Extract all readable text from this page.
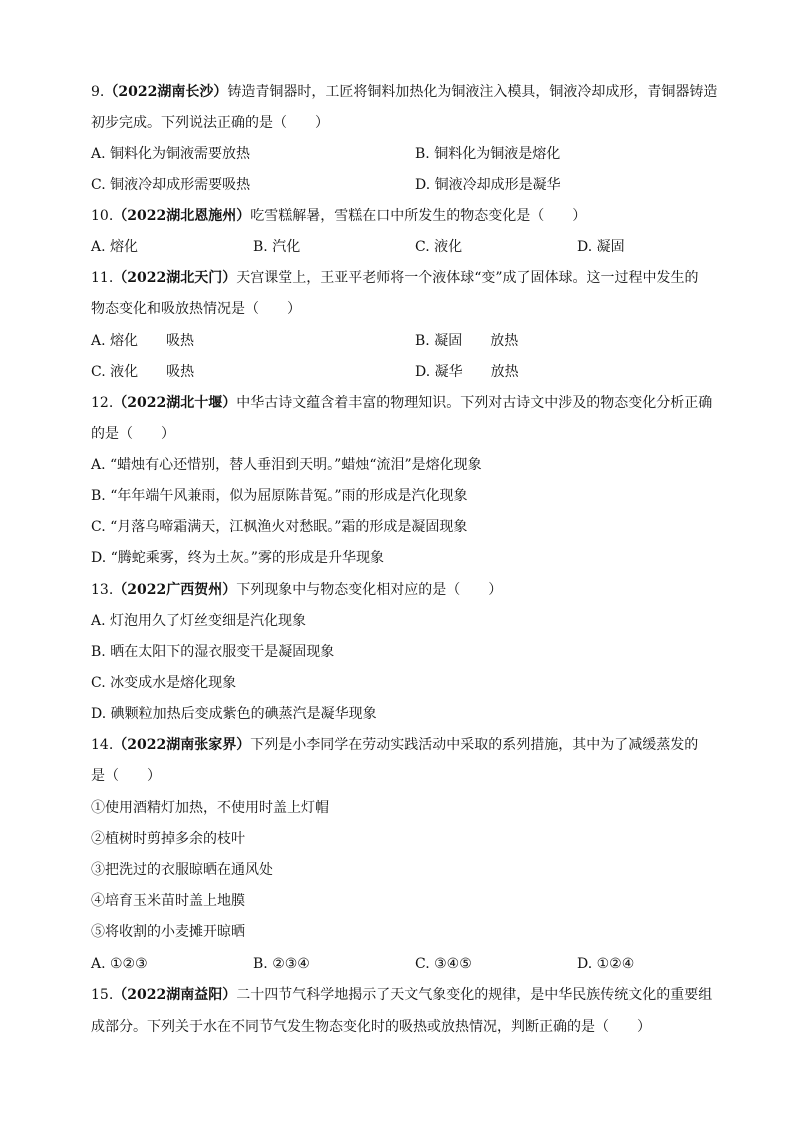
9.（2022湖南长沙）铸造青铜器时，工匠将铜料加热化为铜液注入模具，铜液冷却成形，青铜器铸造
初步完成。下列说法正确的是（　　）
A. 铜料化为铜液需要放热	B. 铜料化为铜液是熔化
C. 铜液冷却成形需要吸热	D. 铜液冷却成形是凝华
10.（2022湖北恩施州）吃雪糕解暑，雪糕在口中所发生的物态变化是（　　）
A. 熔化	B. 汽化	C. 液化	D. 凝固
11.（2022湖北天门）天宫课堂上，王亚平老师将一个液体球“变”成了固体球。这一过程中发生的
物态变化和吸放热情况是（　　）
A. 熔化　　吸热	B. 凝固　　放热
C. 液化　　吸热	D. 凝华　　放热
12.（2022湖北十堰）中华古诗文蕴含着丰富的物理知识。下列对古诗文中涉及的物态变化分析正确
的是（　　）
A. “蜡烛有心还惜别，替人垂泪到天明。”蜡烛“流泪”是熔化现象
B. “年年端午风兼雨，似为屈原陈昔冤。”雨的形成是汽化现象
C. “月落乌啼霜满天，江枫渔火对愁眠。”霜的形成是凝固现象
D. “腾蛇乘雾，终为土灰。”雾的形成是升华现象
13.（2022广西贺州）下列现象中与物态变化相对应的是（　　）
A. 灯泡用久了灯丝变细是汽化现象
B. 晒在太阳下的湿衣服变干是凝固现象
C. 冰变成水是熔化现象
D. 碘颗粒加热后变成紫色的碘蒸汽是凝华现象
14.（2022湖南张家界）下列是小李同学在劳动实践活动中采取的系列措施，其中为了减缓蒸发的
是（　　）
①使用酒精灯加热，不使用时盖上灯帽
②植树时剪掉多余的枝叶
③把洗过的衣服晾晒在通风处
④培育玉米苗时盖上地膜
⑤将收割的小麦摊开晾晒
A. ①②③	B. ②③④	C. ③④⑤	D. ①②④
15.（2022湖南益阳）二十四节气科学地揭示了天文气象变化的规律，是中华民族传统文化的重要组
成部分。下列关于水在不同节气发生物态变化时的吸热或放热情况，判断正确的是（　　）
